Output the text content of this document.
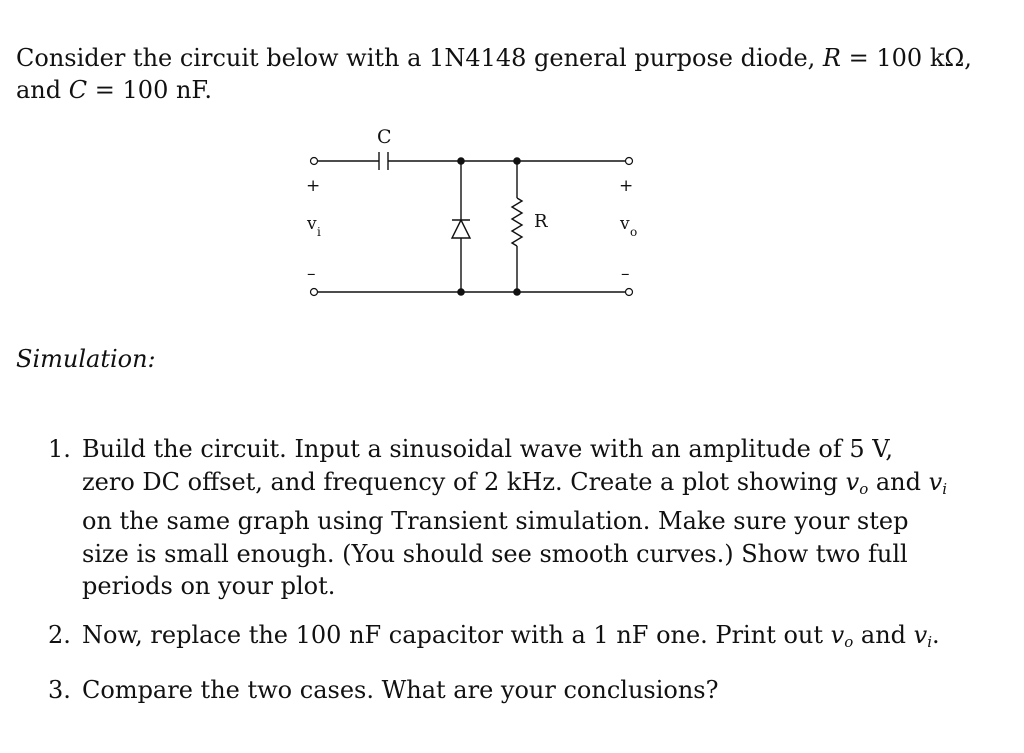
Consider the circuit below with a 1N4148 general purpose diode, R = 100 kΩ,
and C = 100 nF.
C
R
+
v i
–
+
v o
–
Simulation:
1. Build the circuit. Input a sinusoidal wave with an amplitude of 5 V, zero DC offset, and frequency of 2 kHz. Create a plot showing $v_o$ and $v_i$ on the same graph using Transient simulation. Make sure your step size is small enough. (You should see smooth curves.) Show two full periods on your plot.
2. Now, replace the 100 nF capacitor with a 1 nF one. Print out $v_o$ and $v_i$.
3. Compare the two cases. What are your conclusions?
